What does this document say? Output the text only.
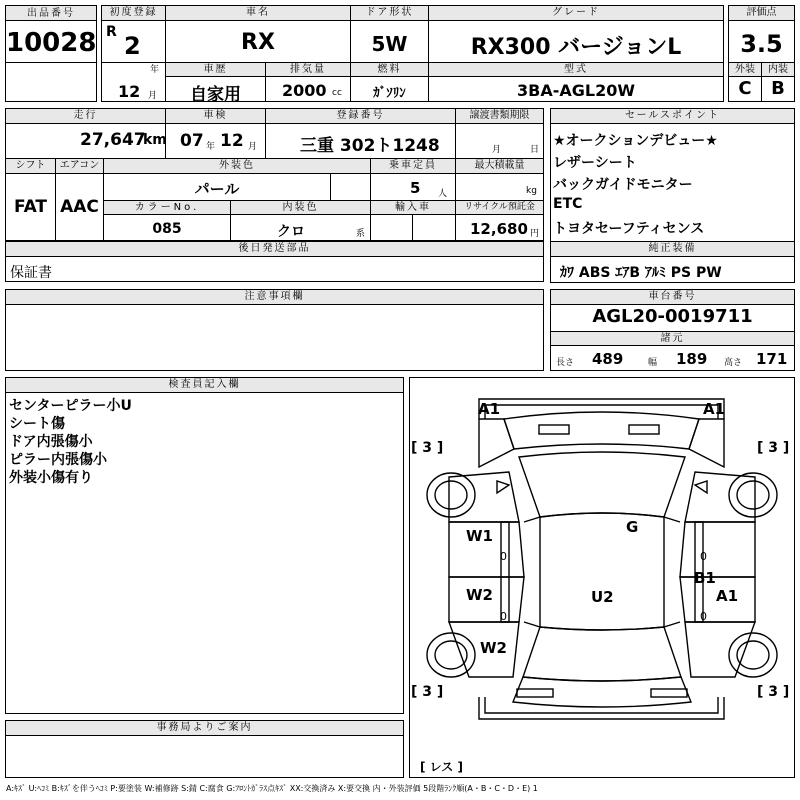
出品番号
10028
初度登録
R 2
年
12 月
車名
RX
ドア形状
5W
グレード
RX300 バージョンL
車歴
自家用
排気量
2000 cc
燃料
ｶﾞｿﾘﾝ
型式
3BA-AGL20W
評価点
3.5
外装	内装
C	B
走行
27,647
km
車検
07 年 12 月
登録番号
三重 302ト1248
譲渡書類期限
月	日
シフト
FAT
エアコン
AAC
外装色
パール
乗車定員
5 人
最大積載量
kg
カラーNo.
085
内装色
クロ	系
輸入車	リサイクル預託金
12,680 円
後日発送部品
保証書
注意事項欄
セールスポイント
★オークションデビュー★
レザーシート
バックガイドモニター
ETC
トヨタセーフティセンス
純正装備
ｶﾜ ABS ｴｱB ｱﾙﾐ PS PW
車台番号
AGL20-0019711
諸元
長さ 489	幅 189 高さ 171
検査員記入欄
センターピラー小U
シート傷
ドア内張傷小
ピラー内張傷小
外装小傷有り
事務局よりご案内
A1	A1
W1	G
W2	U2
B1
A1
W2
0
0
0
0
[ 3 ]	[ 3 ]
[ 3 ]	[ 3 ]
[ レス ]
A:ｷｽﾞ U:ﾍｺﾐ B:ｷｽﾞを伴うﾍｺﾐ P:要塗装 W:補修跡 S:錆 C:腐食 G:ﾌﾛﾝﾄｶﾞﾗｽ点ｷｽﾞ XX:交換済み X:要交換 内・外装評価 5段階ﾗﾝｸ順(A・B・C・D・E) 1
